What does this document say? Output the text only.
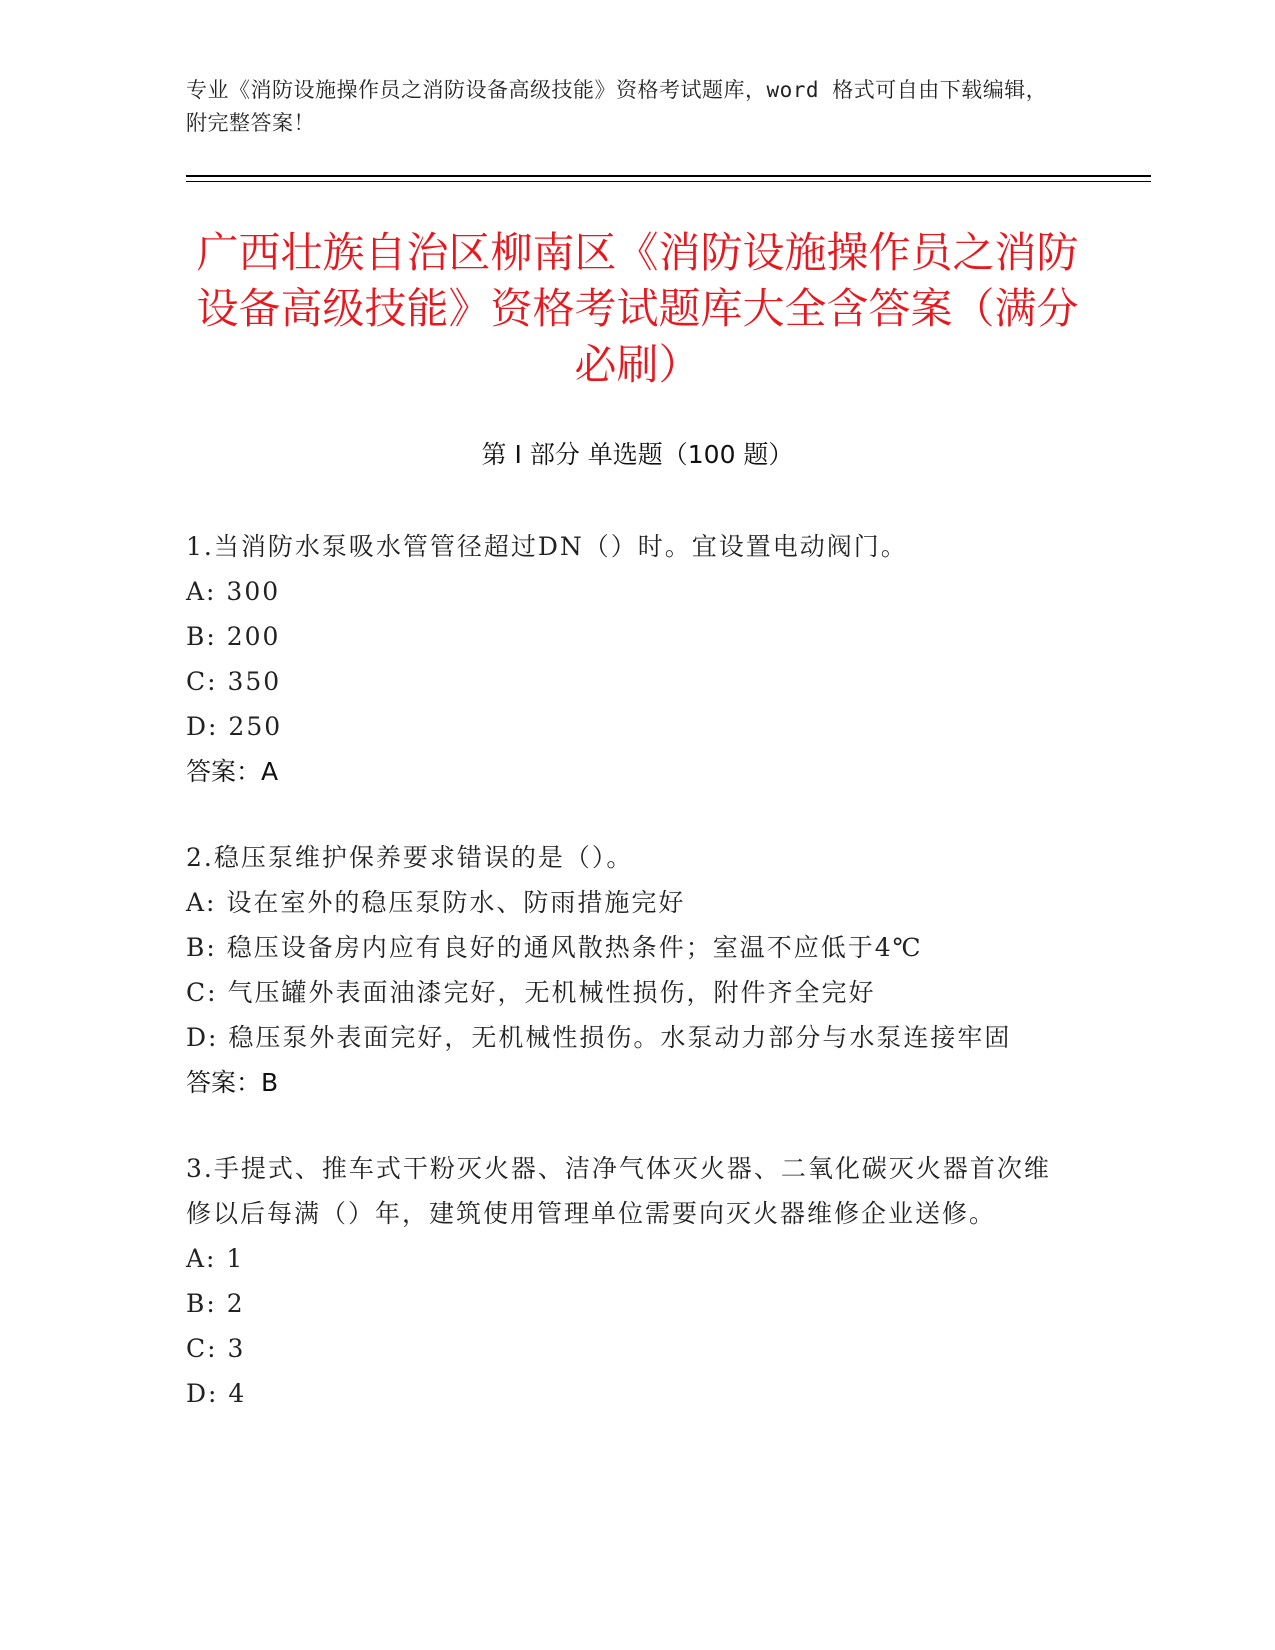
专业《消防设施操作员之消防设备高级技能》资格考试题库，word 格式可自由下载编辑，附完整答案！
广西壮族自治区柳南区《消防设施操作员之消防设备高级技能》资格考试题库大全含答案（满分必刷）
第 I 部分 单选题（100 题）
1.当消防水泵吸水管管径超过DN（）时。宜设置电动阀门。
A: 300
B: 200
C: 350
D: 250
答案：A
2.稳压泵维护保养要求错误的是（）。
A: 设在室外的稳压泵防水、防雨措施完好
B: 稳压设备房内应有良好的通风散热条件；室温不应低于4℃
C: 气压罐外表面油漆完好，无机械性损伤，附件齐全完好
D: 稳压泵外表面完好，无机械性损伤。水泵动力部分与水泵连接牢固
答案：B
3.手提式、推车式干粉灭火器、洁净气体灭火器、二氧化碳灭火器首次维修以后每满（）年，建筑使用管理单位需要向灭火器维修企业送修。
A: 1
B: 2
C: 3
D: 4
